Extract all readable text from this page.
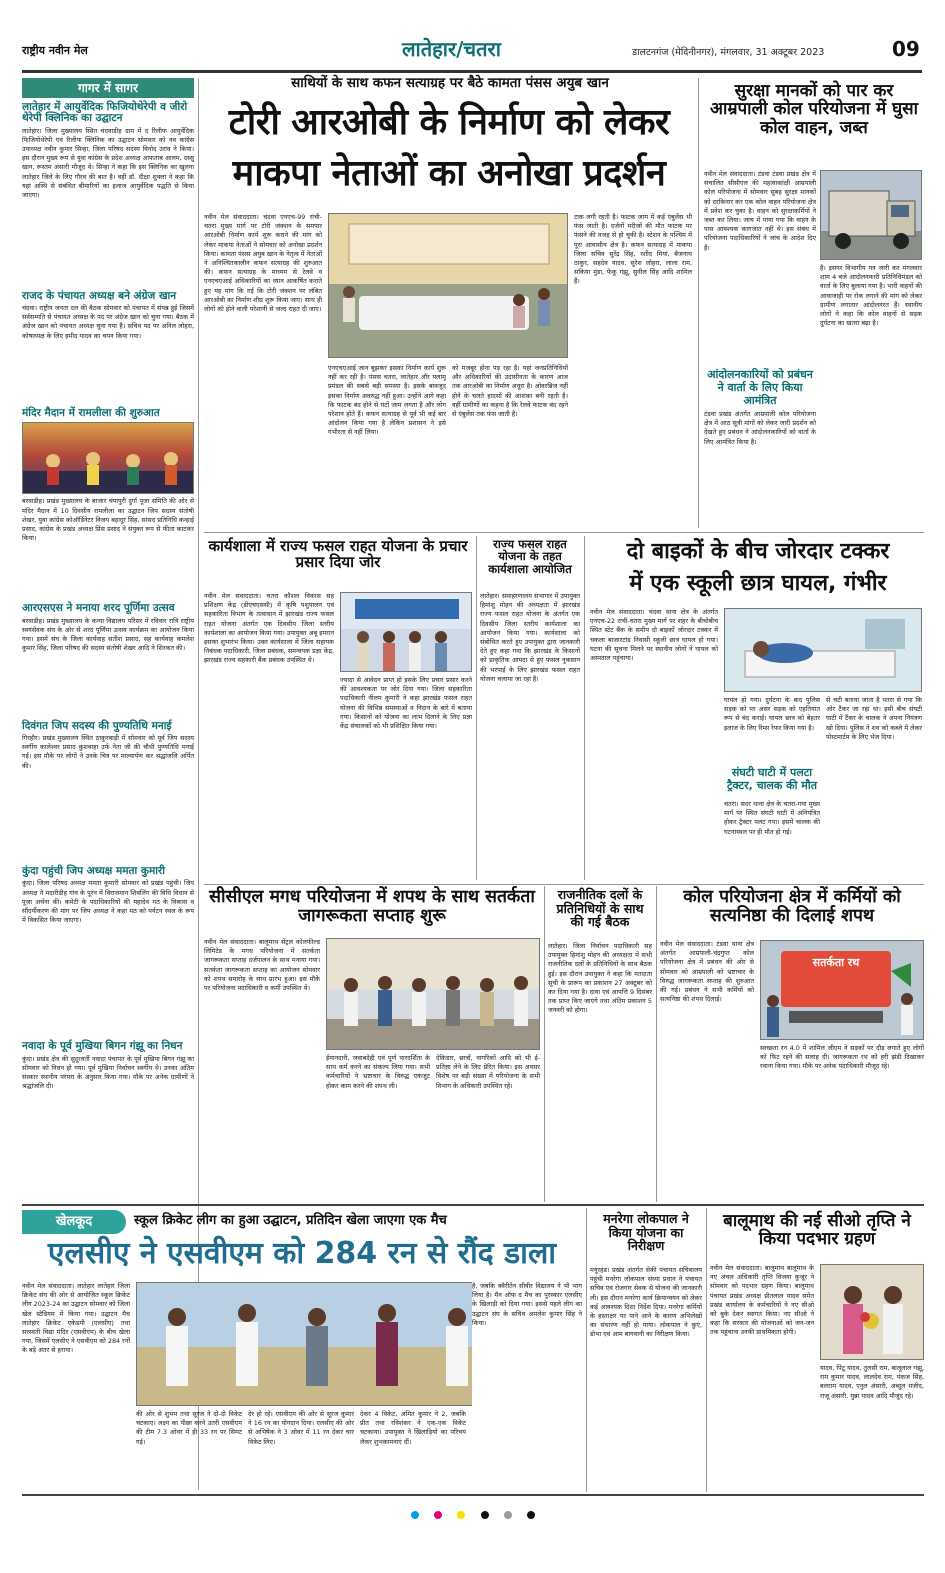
राष्ट्रीय नवीन मेल	लातेहार/चतरा	डालटनगंज (मेदिनीनगर), मंगलवार, 31 अक्टूबर 2023	09
गागर में सागर
लातेहार में आयुर्वेदिक फिजियोथेरेपी व जीरो थेरेपी क्लिनिक का उद्घाटन
लातेहार। जिला मुख्यालय स्थित चंदवाडीह ग्राम में द रिलीफ आयुर्वेदिक फिजियोथेरेपी एवं रिलीफ क्लिनिक का उद्घाटन सोमवार को नव कांग्रेस उपाध्यक्ष नवीन कुमार सिन्हा, जिला परिषद सदस्य विनोद उरांव ने किया। इस दौरान मुख्य रूप से युवा कांग्रेस के प्रदेश अध्यक्ष आफताब आलम, दस्सु खान, रूस्तम अंसारी मौजूद थे। सिन्हा ने कहा कि इस क्लिनिक का खुलना लातेहार जिले के लिए गौरव की बात है। वहीं डॉ. दीक्षा शुक्ला ने कहा कि यहां अस्थि से संबंधित बीमारियों का इलाज आयुर्वेदिक पद्धति से किया जाएगा।
राजद के पंचायत अध्यक्ष बने अंग्रेज खान
चंदवा। राष्ट्रीय जनता दल की बैठक सोमवार को पंचायत में संपन्न हुई जिसमें सर्वसम्मति से पंचायत अध्यक्ष के पद पर अंग्रेज खान को चुना गया। बैठक में अंग्रेज खान को पंचायत अध्यक्ष चुना गया है। सचिव पद पर अनिल लोहरा, कोषाध्यक्ष के लिए हमीद यादव का चयन किया गया।
मंदिर मैदान में रामलीला की शुरुआत
बरवाडीह। प्रखंड मुख्यालय के बाजार चंपापुरी दुर्गा पूजा समिति की ओर से मंदिर मैदान में 10 दिवसीय रामलीला का उद्घाटन जिप सदस्य संतोषी शेखर, युवा कांग्रेस कोऑर्डिनेटर विजय बहादुर सिंह, सांसद प्रतिनिधि कन्हाई प्रसाद, कांग्रेस के प्रखंड अध्यक्ष प्रिंस प्रसाद ने संयुक्त रूप से फीता काटकर किया।
आरएसएस ने मनाया शरद पूर्णिमा उत्सव
बरवाडीह। प्रखंड मुख्यालय के कन्या विद्यालय परिसर में रविवार रात्रि राष्ट्रीय स्वयंसेवक संघ के ओर से शरद पूर्णिमा उत्सव कार्यक्रम का आयोजन किया गया। इसमें संघ के जिला कार्यवाह सतीश प्रसाद, सह कार्यवाह कमलेश कुमार सिंह, जिला परिषद की सदस्य संतोषी शेखर आदि ने शिरकत की।
दिवंगत जिप सदस्य की पुण्यतिथि मनाई
गिरहौर। प्रखंड मुख्यालय स्थित ठाकुरबाड़ी में सोमवार को पूर्व जिप सदस्य स्वर्गीय कालेश्वर प्रसाद कुशवाहा उर्फ नेता जी की चौथी पुण्यतिथि मनाई गई। इस मौके पर लोगों ने उनके चित्र पर माल्यार्पण कर श्रद्धांजलि अर्पित की।
कुंदा पहुंची जिप अध्यक्ष ममता कुमारी
कुंदा। जिला परिषद अध्यक्ष ममता कुमारी सोमवार को प्रखंड पहुंची। जिप अध्यक्ष ने मदारीडीह गांव के पूरन में विराजमान शिवलिंग की विधि विधान से पूजा अर्चना की। कमेटी के पदाधिकारियों की महादेव मठ के विकास व सौंदर्यीकरण की मांग पर जिप अध्यक्ष ने कहा मठ को पर्यटन स्थल के रूप में विकसित किया जाएगा।
नवादा के पूर्व मुखिया बिगन गंझू का निधन
कुंदा। प्रखंड क्षेत्र की सुदूरवर्ती नवादा पंचायत के पूर्व मुखिया बिगन गंझू का सोमवार को निधन हो गया। पूर्व मुखिया निर्वाचन स्वर्गीय थे। उनका अंतिम संस्कार स्थानीय परंपरा के अनुसार किया गया। मौके पर अनेक ग्रामीणों ने श्रद्धांजलि दी।
साथियों के साथ कफन सत्याग्रह पर बैठे कामता पंसस अयुब खान
टोरी आरओबी के निर्माण को लेकर
माकपा नेताओं का अनोखा प्रदर्शन
नवीन मेल संवाददाता। चंदवा एनएच-99 रांची-चतरा मुख्य मार्ग पर टोरी जंक्शन के समपार आरओबी निर्माण कार्य शुरू कराने की मांग को लेकर माकपा नेताओं ने सोमवार को अनोखा प्रदर्शन किया। कामता पंसस अयुब खान के नेतृत्व में नेताओं ने अनिश्चितकालीन कफन सत्याग्रह की शुरुआत की। कफन सत्याग्रह के माध्यम से रेलवे व एनएचएआई अधिकारियों का ध्यान आकर्षित कराते हुए यह मांग कि गई कि टोरी जंक्शन पर लंबित आरओबी का निर्माण शीघ्र शुरू किया जाए। साथ ही लोगों को होने वाली परेशानी से जल्द राहत दी जाए।
टाक लगी रहती है। फाटक जाम में कई एंबुलेंस भी फंस जाती है। दर्जनों मरीजों की मौत फाटक पर फंसने की वजह से हो चुकी है। स्टेशन के पश्चिम में पूरा आवासीय क्षेत्र है। कफन सत्याग्रह में माकपा जिला सचिव सुरेंद्र सिंह, रशीद मियां, बैजनाथ ठाकुर, सहदेव यादव, सुरेश लोहरा, लाला राम, सकिया मुंडा, फेकू गंझू, सुनील सिंह आदि शामिल हैं।
एनएचएआई जान बूझकर इसका निर्माण कार्य शुरू नहीं कर रही है। पंसस चतरा, लातेहार और पलामू प्रमंडल की सबसे बड़ी समस्या है। इसके बावजूद इसका निर्माण अवरुद्ध नहीं हुआ। उन्होंने आगे कहा कि फाटक बंद होने से घंटों जाम लगता है और लोग परेशान होते हैं। कफन सत्याग्रह से पूर्व भी कई बार आंदोलन किया गया है लेकिन प्रशासन ने इसे गंभीरता से नहीं लिया।
को मजबूर होना पड़ रहा है। यहां जनप्रतिनिधियों और अधिकारियों की उदासीनता के कारण आज तक आरओबी का निर्माण अधूरा है। ओवरब्रिज नहीं होने के चलते हादसों की आशंका बनी रहती है। वहीं ग्रामीणों का कहना है कि रेलवे फाटक बंद रहने से एंबुलेंस तक फंस जाती है।
सुरक्षा मानकों को पार कर आम्रपाली कोल परियोजना में घुसा कोल वाहन, जब्त
नवीन मेल संवाददाता। टंडवा टंडवा प्रखंड क्षेत्र में संचालित सीसीएल की महत्वाकांक्षी आम्रपाली कोल परियोजना में सोमवार सुबह सुरक्षा मानकों को दरकिनार कर एक कोल वाहन परियोजना क्षेत्र में प्रवेश कर चुका है। वाहन को सुरक्षाकर्मियों ने जब्त कर लिया। जांच में पाया गया कि वाहन के पास आवश्यक कागजात नहीं थे। इस संबंध में परियोजना पदाधिकारियों ने जांच के आदेश दिए हैं।
है। इसपर विभागीय पत्र जारी कर मंगलवार शाम 4 बजे आदोलनकारी प्रतिनिधिमंडल को वार्ता के लिए बुलाया गया है। भारी वाहनों की आवाजाही पर रोक लगाने की मांग को लेकर ग्रामीण लगातार आंदोलनरत हैं। स्थानीय लोगों ने कहा कि कोल वाहनों से सड़क दुर्घटना का खतरा बढ़ा है।
आंदोलनकारियों को प्रबंधन ने वार्ता के लिए किया आमंत्रित
टंडवा प्रखंड अंतर्गत आम्रपाली कोल परियोजना क्षेत्र में आठ सूत्री मांगों को लेकर जारी प्रदर्शन को देखते हुए प्रबंधन ने आंदोलनकारियों को वार्ता के लिए आमंत्रित किया है।
कार्यशाला में राज्य फसल राहत योजना के प्रचार प्रसार दिया जोर
नवीन मेल संवाददाता। चतरा कौशल विकास सह प्रशिक्षण केंद्र (डीएचएससी) में कृषि पशुपालन एवं सहकारिता विभाग के तत्वाधान में झारखंड राज्य फसल राहत योजना अंतर्गत एक दिवसीय जिला स्तरीय कार्यशाला का आयोजन किया गया। उपायुक्त अबू इमरान इसका शुभारंभ किया। उक्त कार्यशाला में जिला सहायक निबंधक पदाधिकारी, जिला प्रबंधक, समन्वयक प्रज्ञा केंद्र, झारखंड राज्य सहकारी बैंक प्रबंधक उपस्थित थे।
ज्यादा से आवेदन प्राप्त हो इसके लिए प्रचार प्रसार करने की आवश्यकता पर जोर दिया गया। जिला सहकारिता पदाधिकारी नीलम कुमारी ने कहा झारखंड फसल राहत योजना की विभिन्न समस्याओं व निदान के बारे में बताया गया। किसानों को योजना का लाभ दिलाने के लिए प्रज्ञा केंद्र संचालकों को भी प्रशिक्षित किया गया।
राज्य फसल राहत योजना के तहत कार्यशाला आयोजित
लातेहार। समाहरणालय सभागार में उपायुक्त हिमांशु मोहन की अध्यक्षता में झारखंड राज्य फसल राहत योजना के अंतर्गत एक दिवसीय जिला स्तरीय कार्यशाला का आयोजन किया गया। कार्यशाला को संबोधित करते हुए उपायुक्त द्वारा जानकारी देते हुए कहा गया कि झारखंड के किसानों को प्राकृतिक आपदा से हुए फसल नुकसान की भरपाई के लिए झारखंड फसल राहत योजना चलाया जा रहा है।
दो बाइकों के बीच जोरदार टक्कर
में एक स्कूली छात्र घायल, गंभीर
नवीन मेल संवाददाता। चंदवा थाना क्षेत्र के अंतर्गत एनएच-22 रांची-चतरा मुख्य मार्ग पर शहर के बीचोबीच स्थित स्टेट बैंक के समीप दो बाइकों जोरदार टक्कर में चकला बाजारटांड निवासी स्कूली छात्र घायल हो गया। घटना की सूचना मिलने पर स्थानीय लोगों ने घायल को अस्पताल पहुंचाया।
घायल हो गया। दुर्घटना के बाद पुलिस सड़क को पर असर सड़क को एहतियात रूप से बंद कराई। घायल छात्र को बेहतर इलाज के लिए रिम्स रेफर किया गया है।
संघटी घाटी में पलटा ट्रैक्टर, चालक की मौत
चतरा। सदर थाना क्षेत्र के चतरा-गया मुख्य मार्ग पर स्थित संघटी घाटी में अनियंत्रित होकर ट्रैक्टर पलट गया। इसमें चालक की घटनास्थल पर ही मौत हो गई।
से चटी बताया जाता है पतरा से गया कि ओर टैंकर जा रहा था। इसी बीच संघटी घाटी में टैंकर के चालक ने अपना नियंत्रण खो दिया। पुलिस ने शव को कब्जे में लेकर पोस्टमार्टम के लिए भेज दिया।
सीसीएल मगध परियोजना में शपथ के साथ सतर्कता जागरूकता सप्ताह शुरू
नवीन मेल संवाददाता। बालूमाथ सेंट्रल कोलफील्ड लिमिटेड के मगध परियोजना में सतर्कता जागरूकता सप्ताह दर्जपालन के साथ मनाया गया। सतर्कता जागरूकता सप्ताह का आयोजन सोमवार को शपथ समारोह के साथ प्रारंभ हुआ। इस मौके पर परियोजना पदाधिकारी व कर्मी उपस्थित थे।
ईमानदारी, जवाबदेही एवं पूर्ण पारदर्शिता के साथ कर्म करने का संकल्प लिया गया। सभी कर्मचारियों ने भ्रष्टाचार के विरुद्ध एकजुट होकर काम करने की शपथ ली।
देकिडार, छात्रों, नागरिकों आदि को भी ई-प्रतिज्ञा लेने के लिए प्रेरित किया। इस अवसर विशेष पर बड़ी संख्या में परियोजना के सभी विभाग के अधिकारी उपस्थित रहे।
राजनीतिक दलों के प्रतिनिधियों के साथ की गई बैठक
लातेहार। जिला निर्वाचन पदाधिकारी सह उपायुक्त हिमांशु मोहन की अध्यक्षता में सभी राजनीतिक दलों के प्रतिनिधियों के साथ बैठक हुई। इस दौरान उपायुक्त ने कहा कि मतदाता सूची के प्रारूप का प्रकाशन 27 अक्टूबर को कर दिया गया है। दावा एवं आपत्ति 9 दिसंबर तक प्राप्त किए जाएंगे तथा अंतिम प्रकाशन 5 जनवरी को होगा।
कोल परियोजना क्षेत्र में कर्मियों को सत्यनिष्ठा की दिलाई शपथ
नवीन मेल संवाददाता। टंडवा थाना क्षेत्र अंतर्गत आम्रपाली-चंद्रगुप्त कोल परियोजना क्षेत्र में प्रबंधन की ओर से सोमवार को आम्रपाली को भ्रष्टाचार के विरुद्ध जागरूकता सप्ताह की शुरुआत की गई। प्रबंधन ने सभी कर्मियों को सत्यनिष्ठा की शपथ दिलाई।
सतर्कता रथ
स्वच्छता रन 4.0 में शामिल जीएम ने सड़कों पर दौड़ लगाते हुए लोगों को फिट रहने की सलाह दी। जागरूकता रथ को हरी झंडी दिखाकर रवाना किया गया। मौके पर अनेक पदाधिकारी मौजूद रहे।
खेलकूद	स्कूल क्रिकेट लीग का हुआ उद्घाटन, प्रतिदिन खेला जाएगा एक मैच
एलसीए ने एसवीएम को 284 रन से रौंद डाला
नवीन मेल संवाददाता। लातेहार लातेहार जिला क्रिकेट संघ की ओर से आयोजित स्कूल क्रिकेट लीग 2023-24 का उद्घाटन सोमवार को जिला खेल स्टेडियम में किया गया। उद्घाटन मैच लातेहार क्रिकेट एकेडमी (एलसीए) तथा सरस्वती विद्या मंदिर (एसवीएम) के बीच खेला गया, जिसमें एलसीए ने एसवीएम को 284 रनों के बड़े अंतर से हराया।
की ओर से शुभम तथा सूरज ने दो-दो विकेट चटकाए। लक्ष्य का पीछा करने उतरी एसवीएम की टीम 7.3 ओवर में ही 33 रन पर सिमट गई।
देर हो रहे। एसवीएम की ओर से सूरज कुमार ने 16 रन का योगदान दिया। एलसीए की ओर से अभिषेक ने 3 ओवर में 11 रन देकर चार विकेट लिए।
देकर 4 विकेट, अमित कुमार ने 2, जबकि प्रीत तथा रविशंकर ने एक-एक विकेट चटकाया। उपायुक्त ने खिलाड़ियों का परिचय लेकर शुभकामनाएं दीं।
है, जबकि क्वैरीतेन सीवीर विद्यालय ने भी भाग लिया है। मैन ऑफ द मैच का पुरस्कार एलसीए के खिलाड़ी को दिया गया। इससे पहले लीग का उद्घाटन संघ के सचिव अमलेश कुमार सिंह ने किया।
मनरेगा लोकपाल ने किया योजना का निरीक्षण
मयूरहंड। प्रखंड अंतर्गत सेकी पंचायत सचिवालय पहुंची मनरेगा लोकपाल संध्या प्रधान ने पंचायत सचिव एवं रोजगार सेवक से योजना की जानकारी ली। इस दौरान मनरेगा कार्य क्रियान्वयन को लेकर कई आवश्यक दिशा निर्देश दिया। मनरेगा कर्मियों के हस्ताक्षर पर पाने आने के कारण अभिलेखों का संधारण नहीं हो पाया। लोकपाल ने कुएं, डोभा एवं आम बागवानी का निरीक्षण किया।
बालूमाथ की नई सीओ तृप्ति ने किया पदभार ग्रहण
नवीन मेल संवाददाता। बालूमाथ बालूमाथ के नए अंचल अधिकारी तृप्ति विजया कुजूर ने सोमवार को पदभार ग्रहण किया। बालूमाथ पंचायत प्रखंड अध्यक्ष प्रीतलाल यादव समेत प्रखंड कार्यालय के कर्मचारियों ने नए सीओ को बुके देकर स्वागत किया। नए सीओ ने कहा कि सरकार की योजनाओं को जन-जन तक पहुंचाना उनकी प्राथमिकता होगी।
यादव, पिंटू यादव, तुलसी राम, बालूलाल गंझू, राम कुमार यादव, लालदेव राम, पंकज सिंह, बलराम यादव, एनुल अंसारी, अब्दुल मजीद, राजू अंसारी, मुन्ना यादव आदि मौजूद रहे।
